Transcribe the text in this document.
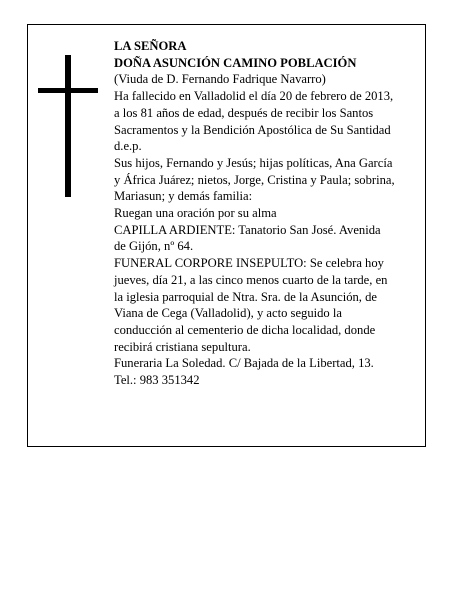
LA SEÑORA

DOÑA ASUNCIÓN CAMINO POBLACIÓN

(Viuda de D. Fernando Fadrique Navarro)

Ha fallecido en Valladolid el día 20 de febrero de 2013,

a los 81 años de edad, después de recibir los Santos

Sacramentos y la Bendición Apostólica de Su Santidad

d.e.p.

Sus hijos, Fernando y Jesús; hijas políticas, Ana García

y África Juárez; nietos, Jorge, Cristina y Paula; sobrina,

Mariasun; y demás familia:

Ruegan una oración por su alma

CAPILLA ARDIENTE: Tanatorio San José. Avenida

de Gijón, nº 64.

FUNERAL CORPORE INSEPULTO: Se celebra hoy

jueves, día 21, a las cinco menos cuarto de la tarde, en

la iglesia parroquial de Ntra. Sra. de la Asunción, de

Viana de Cega (Valladolid), y acto seguido la

conducción al cementerio de dicha localidad, donde

recibirá cristiana sepultura.

Funeraria La Soledad. C/ Bajada de la Libertad, 13.

Tel.: 983 351342
